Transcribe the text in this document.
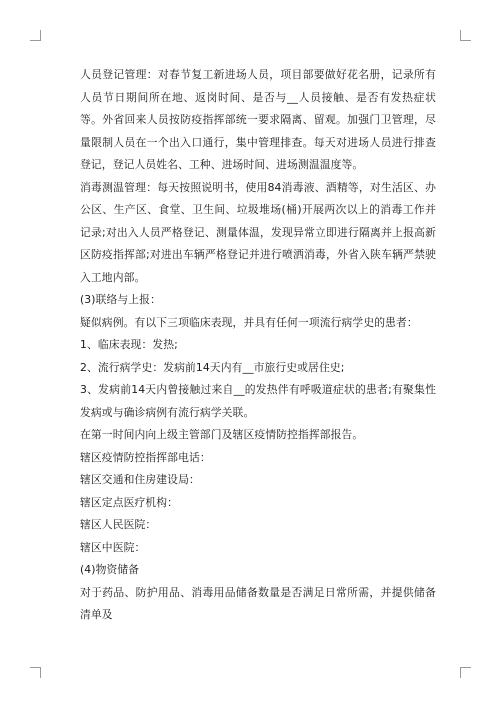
人员登记管理：对春节复工新进场人员，项目部要做好花名册，记录所有人员节日期间所在地、返岗时间、是否与__人员接触、是否有发热症状等。外省回来人员按防疫指挥部统一要求隔离、留观。加强门卫管理，尽量限制人员在一个出入口通行，集中管理排查。每天对进场人员进行排查登记，登记人员姓名、工种、进场时间、进场测温温度等。

消毒测温管理：每天按照说明书，使用84消毒液、酒精等，对生活区、办公区、生产区、食堂、卫生间、垃圾堆场(桶)开展两次以上的消毒工作并记录;对出入人员严格登记、测量体温，发现异常立即进行隔离并上报高新区防疫指挥部;对进出车辆严格登记并进行喷洒消毒，外省入陕车辆严禁驶入工地内部。

(3)联络与上报：

疑似病例。有以下三项临床表现，并具有任何一项流行病学史的患者：

1、临床表现：发热;

2、流行病学史：发病前14天内有__市旅行史或居住史;

3、发病前14天内曾接触过来自__的发热伴有呼吸道症状的患者;有聚集性发病或与确诊病例有流行病学关联。

在第一时间内向上级主管部门及辖区疫情防控指挥部报告。

辖区疫情防控指挥部电话：

辖区交通和住房建设局：

辖区定点医疗机构：

辖区人民医院：

辖区中医院：

(4)物资储备

对于药品、防护用品、消毒用品储备数量是否满足日常所需，并提供储备清单及
